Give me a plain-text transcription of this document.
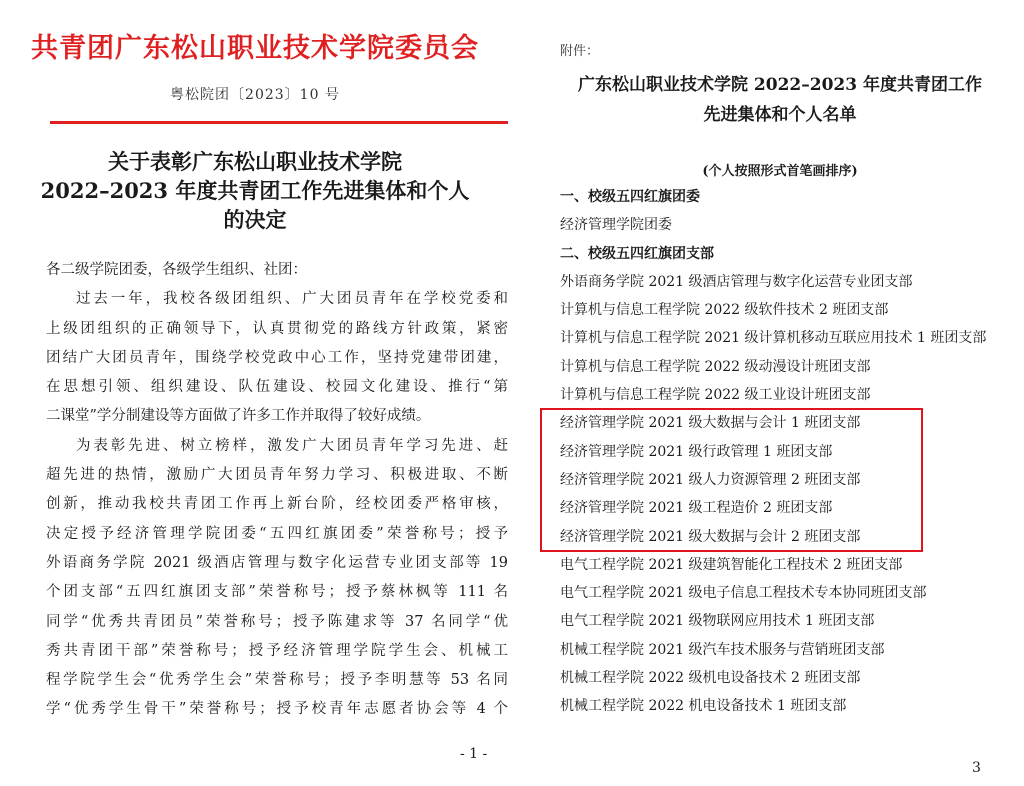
共青团广东松山职业技术学院委员会
粤松院团〔2023〕10 号
关于表彰广东松山职业技术学院
2022–2023 年度共青团工作先进集体和个人
的决定
各二级学院团委，各级学生组织、社团：
过去一年，我校各级团组织、广大团员青年在学校党委和
上级团组织的正确领导下，认真贯彻党的路线方针政策，紧密
团结广大团员青年，围绕学校党政中心工作，坚持党建带团建，
在思想引领、组织建设、队伍建设、校园文化建设、推行“第
二课堂”学分制建设等方面做了许多工作并取得了较好成绩。
为表彰先进、树立榜样，激发广大团员青年学习先进、赶
超先进的热情，激励广大团员青年努力学习、积极进取、不断
创新，推动我校共青团工作再上新台阶，经校团委严格审核，
决定授予经济管理学院团委“五四红旗团委”荣誉称号；授予
外语商务学院 2021 级酒店管理与数字化运营专业团支部等 19
个团支部“五四红旗团支部”荣誉称号；授予蔡林枫等 111 名
同学“优秀共青团员”荣誉称号；授予陈建求等 37 名同学“优
秀共青团干部”荣誉称号；授予经济管理学院学生会、机械工
程学院学生会“优秀学生会”荣誉称号；授予李明慧等 53 名同
学“优秀学生骨干”荣誉称号；授予校青年志愿者协会等 4 个
- 1 -
附件：
广东松山职业技术学院 2022–2023 年度共青团工作
先进集体和个人名单
(个人按照形式首笔画排序)
一、校级五四红旗团委
经济管理学院团委
二、校级五四红旗团支部
外语商务学院 2021 级酒店管理与数字化运营专业团支部
计算机与信息工程学院 2022 级软件技术 2 班团支部
计算机与信息工程学院 2021 级计算机移动互联应用技术 1 班团支部
计算机与信息工程学院 2022 级动漫设计班团支部
计算机与信息工程学院 2022 级工业设计班团支部
经济管理学院 2021 级大数据与会计 1 班团支部
经济管理学院 2021 级行政管理 1 班团支部
经济管理学院 2021 级人力资源管理 2 班团支部
经济管理学院 2021 级工程造价 2 班团支部
经济管理学院 2021 级大数据与会计 2 班团支部
电气工程学院 2021 级建筑智能化工程技术 2 班团支部
电气工程学院 2021 级电子信息工程技术专本协同班团支部
电气工程学院 2021 级物联网应用技术 1 班团支部
机械工程学院 2021 级汽车技术服务与营销班团支部
机械工程学院 2022 级机电设备技术 2 班团支部
机械工程学院 2022 机电设备技术 1 班团支部
3
